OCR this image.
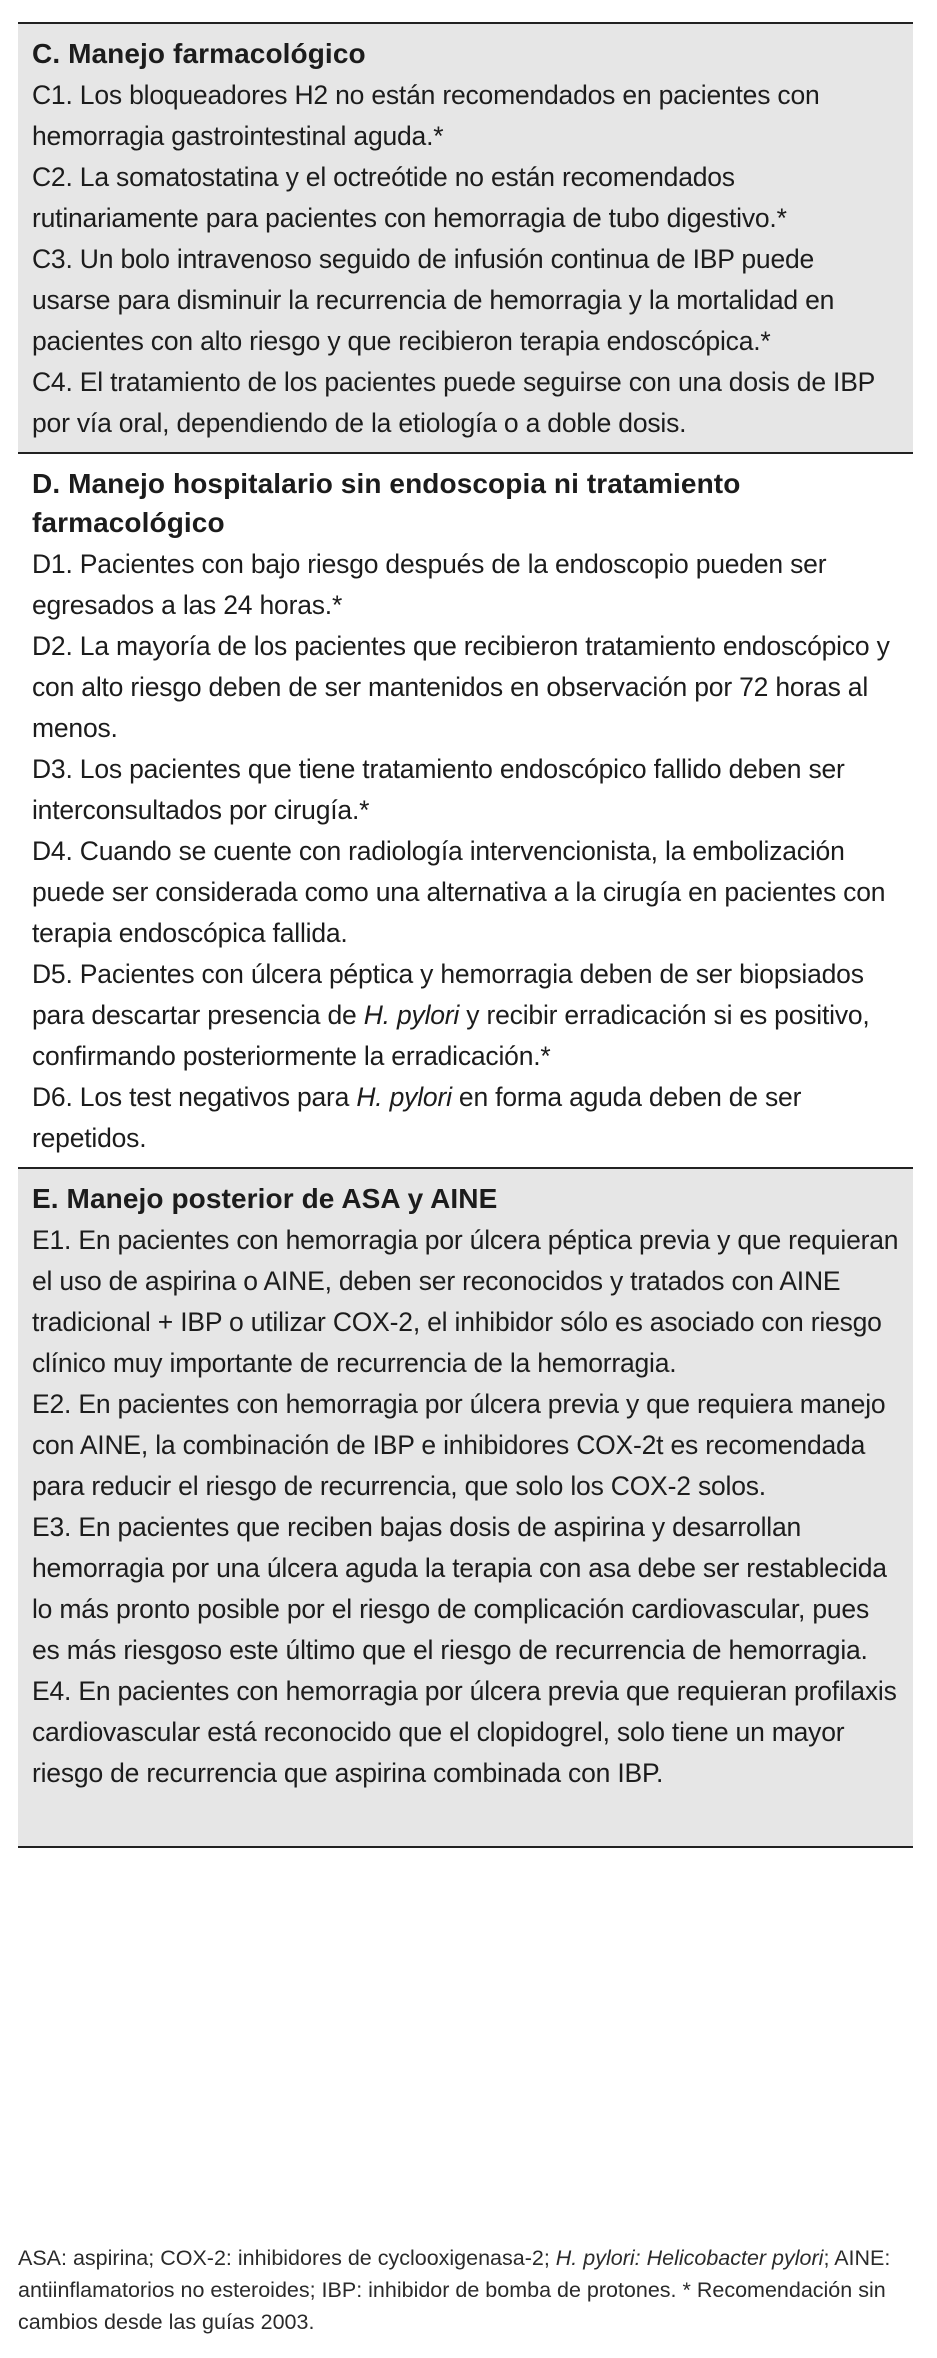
C. Manejo farmacológico

C1. Los bloqueadores H2 no están recomendados en pacientes con hemorragia gastrointestinal aguda.*

C2. La somatostatina y el octreótide no están recomendados rutinariamente para pacientes con hemorragia de tubo digestivo.*

C3. Un bolo intravenoso seguido de infusión continua de IBP puede usarse para disminuir la recurrencia de hemorragia y la mortalidad en pacientes con alto riesgo y que recibieron terapia endoscópica.*

C4. El tratamiento de los pacientes puede seguirse con una dosis de IBP por vía oral, dependiendo de la etiología o a doble dosis.

D. Manejo hospitalario sin endoscopia ni tratamiento farmacológico

D1. Pacientes con bajo riesgo después de la endoscopio pueden ser egresados a las 24 horas.*

D2. La mayoría de los pacientes que recibieron tratamiento endoscópico y con alto riesgo deben de ser mantenidos en observación por 72 horas al menos.

D3. Los pacientes que tiene tratamiento endoscópico fallido deben ser interconsultados por cirugía.*

D4. Cuando se cuente con radiología intervencionista, la embolización puede ser considerada como una alternativa a la cirugía en pacientes con terapia endoscópica fallida.

D5. Pacientes con úlcera péptica y hemorragia deben de ser biopsiados para descartar presencia de H. pylori y recibir erradicación si es positivo, confirmando posteriormente la erradicación.*

D6. Los test negativos para H. pylori en forma aguda deben de ser repetidos.

E. Manejo posterior de ASA y AINE

E1. En pacientes con hemorragia por úlcera péptica previa y que requieran el uso de aspirina o AINE, deben ser reconocidos y tratados con AINE tradicional + IBP o utilizar COX-2, el inhibidor sólo es asociado con riesgo clínico muy importante de recurrencia de la hemorragia.

E2. En pacientes con hemorragia por úlcera previa y que requiera manejo con AINE, la combinación de IBP e inhibidores COX-2t es recomendada para reducir el riesgo de recurrencia, que solo los COX-2 solos.

E3. En pacientes que reciben bajas dosis de aspirina y desarrollan hemorragia por una úlcera aguda la terapia con asa debe ser restablecida lo más pronto posible por el riesgo de complicación cardiovascular, pues es más riesgoso este último que el riesgo de recurrencia de hemorragia.

E4. En pacientes con hemorragia por úlcera previa que requieran profilaxis cardiovascular está reconocido que el clopidogrel, solo tiene un mayor riesgo de recurrencia que aspirina combinada con IBP.

ASA: aspirina; COX-2: inhibidores de cyclooxigenasa-2; H. pylori: Helicobacter pylori; AINE: antiinflamatorios no esteroides; IBP: inhibidor de bomba de protones. * Recomendación sin cambios desde las guías 2003.
